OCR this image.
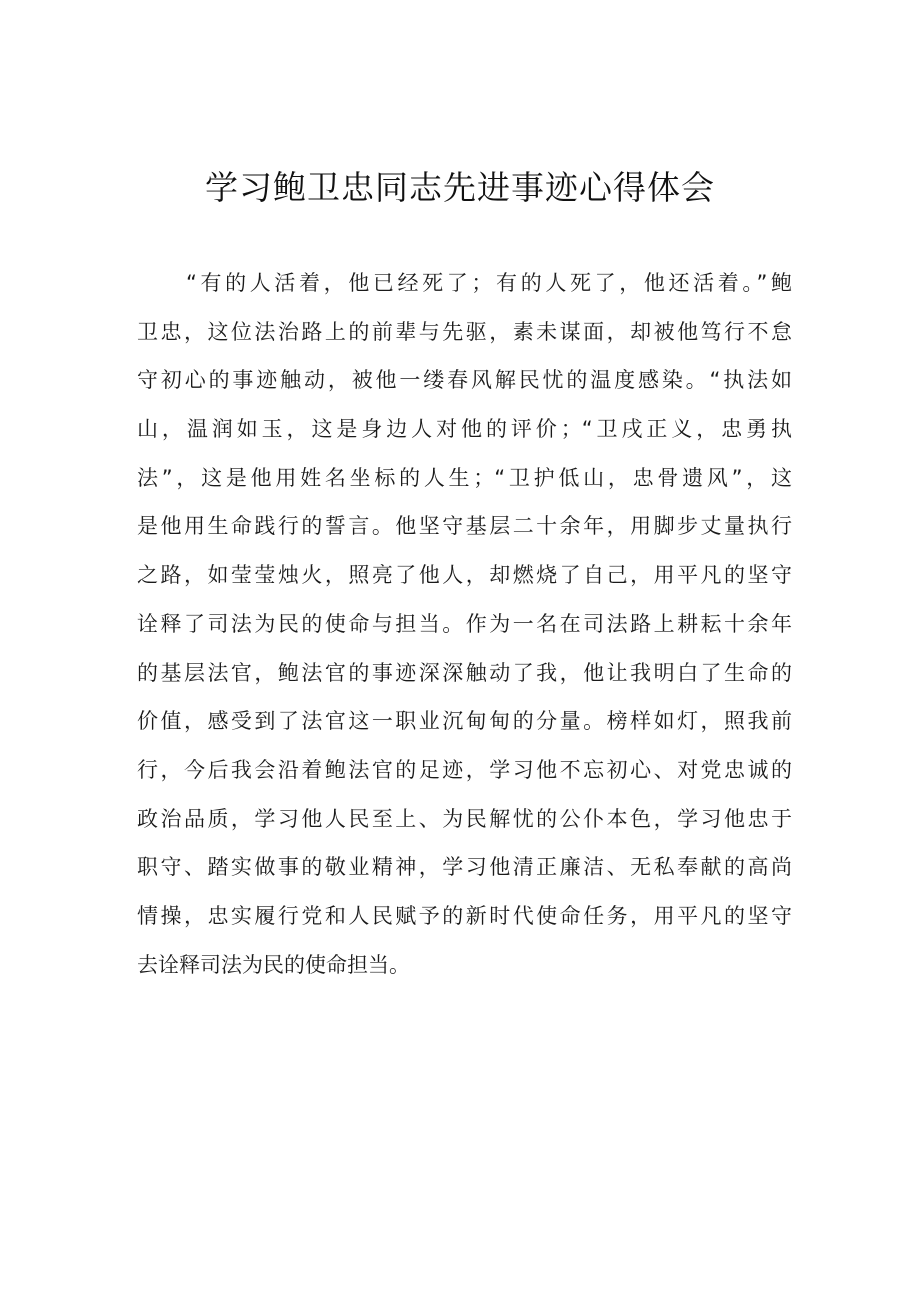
学习鲍卫忠同志先进事迹心得体会
“有的人活着，他已经死了；有的人死了，他还活着。”鲍
卫忠，这位法治路上的前辈与先驱，素未谋面，却被他笃行不怠
守初心的事迹触动，被他一缕春风解民忧的温度感染。“执法如
山，温润如玉，这是身边人对他的评价；“卫戌正义，忠勇执
法”，这是他用姓名坐标的人生；“卫护低山，忠骨遗风”，这
是他用生命践行的誓言。他坚守基层二十余年，用脚步丈量执行
之路，如莹莹烛火，照亮了他人，却燃烧了自己，用平凡的坚守
诠释了司法为民的使命与担当。作为一名在司法路上耕耘十余年
的基层法官，鲍法官的事迹深深触动了我，他让我明白了生命的
价值，感受到了法官这一职业沉甸甸的分量。榜样如灯，照我前
行，今后我会沿着鲍法官的足迹，学习他不忘初心、对党忠诚的
政治品质，学习他人民至上、为民解忧的公仆本色，学习他忠于
职守、踏实做事的敬业精神，学习他清正廉洁、无私奉献的高尚
情操，忠实履行党和人民赋予的新时代使命任务，用平凡的坚守
去诠释司法为民的使命担当。
